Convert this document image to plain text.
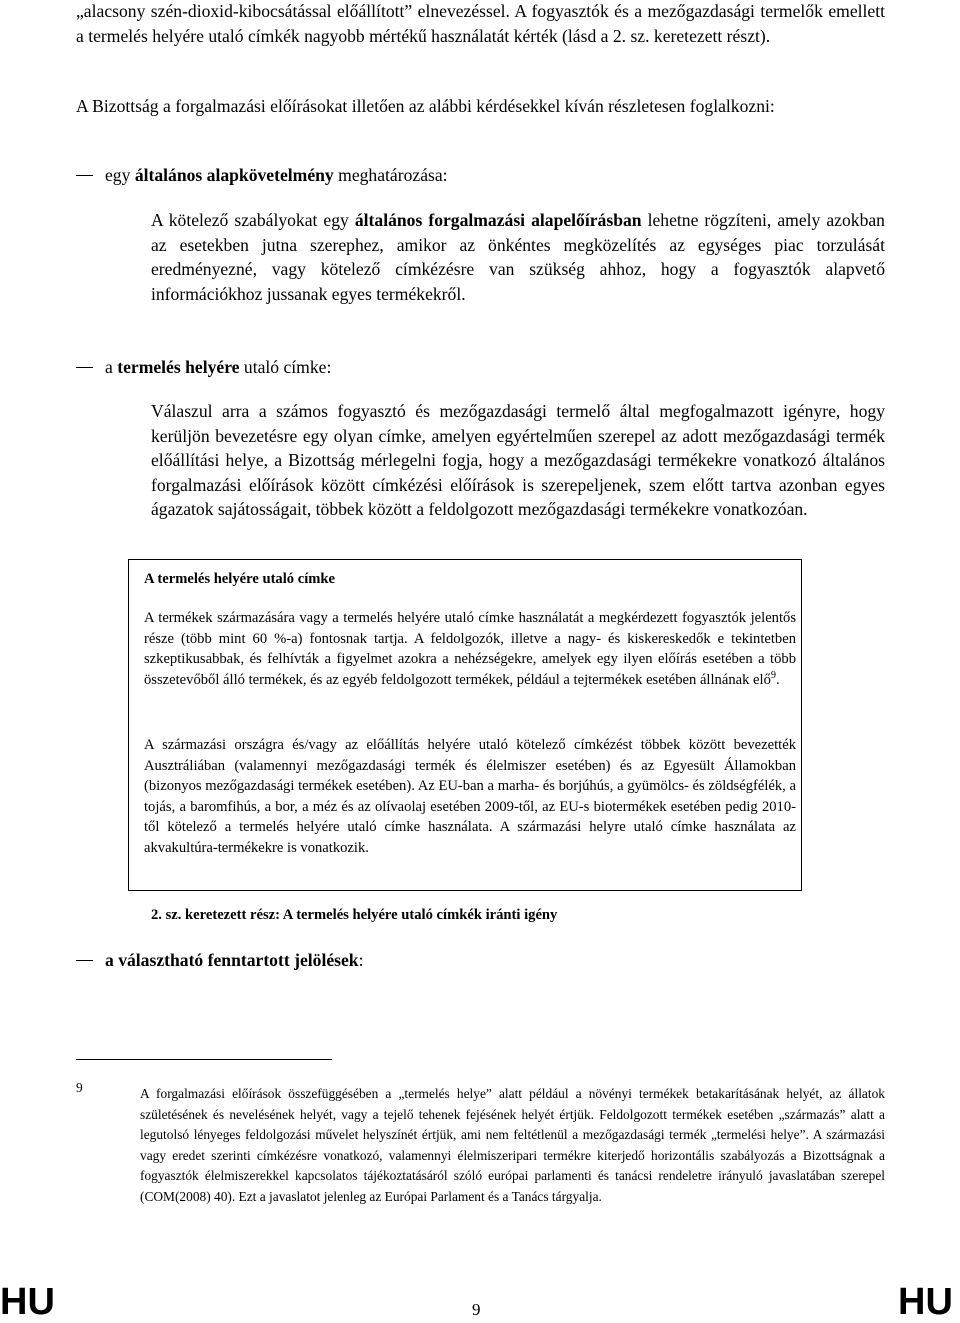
„alacsony szén-dioxid-kibocsátással előállított” elnevezéssel. A fogyasztók és a mezőgazdasági termelők emellett a termelés helyére utaló címkék nagyobb mértékű használatát kérték (lásd a 2. sz. keretezett részt).

A Bizottság a forgalmazási előírásokat illetően az alábbi kérdésekkel kíván részletesen foglalkozni:

egy általános alapkövetelmény meghatározása:

A kötelező szabályokat egy általános forgalmazási alapelőírásban lehetne rögzíteni, amely azokban az esetekben jutna szerephez, amikor az önkéntes megközelítés az egységes piac torzulását eredményezné, vagy kötelező címkézésre van szükség ahhoz, hogy a fogyasztók alapvető információkhoz jussanak egyes termékekről.

a termelés helyére utaló címke:

Válaszul arra a számos fogyasztó és mezőgazdasági termelő által megfogalmazott igényre, hogy kerüljön bevezetésre egy olyan címke, amelyen egyértelműen szerepel az adott mezőgazdasági termék előállítási helye, a Bizottság mérlegelni fogja, hogy a mezőgazdasági termékekre vonatkozó általános forgalmazási előírások között címkézési előírások is szerepeljenek, szem előtt tartva azonban egyes ágazatok sajátosságait, többek között a feldolgozott mezőgazdasági termékekre vonatkozóan.

A termelés helyére utaló címke

A termékek származására vagy a termelés helyére utaló címke használatát a megkérdezett fogyasztók jelentős része (több mint 60 %-a) fontosnak tartja. A feldolgozók, illetve a nagy- és kiskereskedők e tekintetben szkeptikusabbak, és felhívták a figyelmet azokra a nehézségekre, amelyek egy ilyen előírás esetében a több összetevőből álló termékek, és az egyéb feldolgozott termékek, például a tejtermékek esetében állnának elő$^9$.

A származási országra és/vagy az előállítás helyére utaló kötelező címkézést többek között bevezették Ausztráliában (valamennyi mezőgazdasági termék és élelmiszer esetében) és az Egyesült Államokban (bizonyos mezőgazdasági termékek esetében). Az EU-ban a marha- és borjúhús, a gyümölcs- és zöldségfélék, a tojás, a baromfihús, a bor, a méz és az olívaolaj esetében 2009-től, az EU-s biotermékek esetében pedig 2010-től kötelező a termelés helyére utaló címke használata. A származási helyre utaló címke használata az akvakultúra-termékekre is vonatkozik.

2. sz. keretezett rész: A termelés helyére utaló címkék iránti igény
a választható fenntartott jelölések:
9	A forgalmazási előírások összefüggésében a „termelés helye” alatt például a növényi termékek betakarításának helyét, az állatok születésének és nevelésének helyét, vagy a tejelő tehenek fejésének helyét értjük. Feldolgozott termékek esetében „származás” alatt a legutolsó lényeges feldolgozási művelet helyszínét értjük, ami nem feltétlenül a mezőgazdasági termék „termelési helye”. A származási vagy eredet szerinti címkézésre vonatkozó, valamennyi élelmiszeripari termékre kiterjedő horizontális szabályozás a Bizottságnak a fogyasztók élelmiszerekkel kapcsolatos tájékoztatásáról szóló európai parlamenti és tanácsi rendeletre irányuló javaslatában szerepel (COM(2008) 40). Ezt a javaslatot jelenleg az Európai Parlament és a Tanács tárgyalja.

HU	9	HU
